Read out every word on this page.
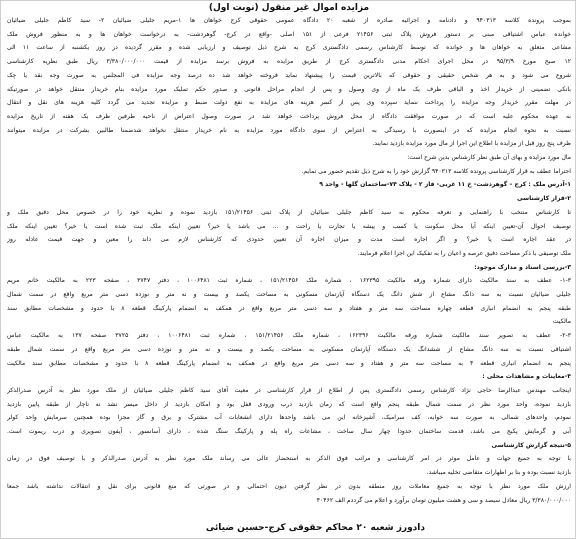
مزایده اموال غیر منقول (نوبت اول)
بموجب پرونده کلاسه ۹۴۰۳۱۳ و دادنامه و اجرائیه صادره از شعبه ۲۰ دادگاه عمومی حقوقی کرج خواهان ها ۱-مریم جلیلی ضیائیان ۲- سید کاظم جلیلی ضیائیان
خوانده عباس اشتیاقی مبنی بر دستور فروش پلاک ثبتی ۲۱۴۵۶ فرعی از ۱۵۱ اصلی -واقع در کرج- گوهردشت- به درخواست خواهان ها و به منظور فروش ملک
مشاعی متعلق به خواهان ها و خوانده که توسط کارشناس رسمی دادگستری کرج به شرح ذیل توصیف و ارزیابی شده و مقرر گردیده در روز یکشنبه از ساعت ۱۱ الی
۱۲ صبح مورخ ۹۵/۳/۹ در محل اجرای احکام مدنی دادگستری کرج از طریق مزایده به فروش برسد مزایده از قیمت ۳/۳۸۰/۰۰۰/۰۰۰ ریال طبق نظریه کارشناسی
شروع می شود و به هر شخص حقیقی و حقوقی که بالاترین قیمت را پیشنهاد نماید فروخته خواهد شد ده درصد وجه مزایده فی المجلس به صورت وجه نقد یا چک
بانکی تضمینی از خریدار اخذ و الباقی ظرف یک ماه از وی وصول و پس از انجام مراحل قانونی و صدور حکم تملیک مورد مزایده بنام خریدار منتقل خواهد در صورتیکه
در مهلت مقرر خریدار وجه مزایده را پرداخت ننماید سپرده وی پس از کسر هزینه های مزایده به نفع دولت ضبط و مزایده تجدید می گردد کلیه هزینه های نقل و انتقال
به عهده محکوم علیه است که در صورت موافقت دادگاه از محل فروش پرداخت خواهد شد در صورت وصول اعتراض از ناحیه طرفین ظرف یک هفته از تاریخ مزایده
نسبت به نحوه انجام مزایده که در اینصورت با رسیدگی به اعتراض از سوی دادگاه مورد مزایده به نام خریدار منتقل نخواهد شدضمنا طالبین بشرکت در مزایده میتوانند
ظرف پنج روز قبل از مزایده با اطلاع این اجرا از مال مورد مزایده بازدید نمایند.
مال مورد مزایده و بهای آن طبق نظر کارشناس بدین شرح است:
احتراما عطف به قرار کارشناسی پرونده کلاسه ۹۴۰۳۱۳ گزارش خود را به شرح ذیل تقدیم حضور می نمایم.
۱-آدرس ملک : کرج – گوهردشت- خ ۱۱ غربی- فاز ۲ - پلاک ۷۴-ساختمان گلها - واحد ۹
۲-قرار کارشناسی
تا کارشناس منتخب با راهنمایی و تعرفه محکوم به سید کاظم جلیلی ضیائیان از پلاک ثبتی ۱۵۱/۲۱۴۵۶ بازدید نموده و نظریه خود را در خصوص محل دقیق ملک و
توصیف احوال آن-تعیین اینکه آیا محل سکونت یا کسب و پیشه یا تجارت یا راحت و ... می باشد یا خیر؟ تعیین اینکه ملک ثبت شده است یا خیر؟ تعیین اینکه ملک
در عقد اجاره است یا خیر؟ و اگر اجاره است مدت و میزان اجاره آن تعیین حدودی که کارشناس لازم می داند را معین و جهت قیمت عادله روز
ملک توصیفی با ذکر مساحت دقیق عرصه و اعیان را به تفکیک این اجرا اعلام فرمایند.
۳-بررسی اسناد و مدارک موجود:
۱-۳- عطف به سند مالکیت دارای شماره ورقه مالکیت ۱۶۲۳۹۵ ، شماره ملک ۱۵۱/۲۱۴۵۶ ، شماره ثبت ۱۰۰۶۴۸۱ ، دفتر ۳۷۴۷ ، صفحه ۲۲۳ به مالکیت خانم مریم
جلیلی ضیائیان نسبت به سه دانگ مشاع از شش دانگ یک دستگاه آپارتمان مسکونی به مساحت یکصد و بیست و نه متر و نوزده دسی متر مربع واقع در سمت شمال
طبقه پنجم به انضمام انباری قطعه چهاره مساحت سه متر و هفتاد و سه دسی متر مربع واقع در همکف به انضمام پارکینگ قطعه ۸ با حدود و مشخصات مطابق سند
مالکیت
۲-۳- عطف به تصویر سند مالکیت شماره ورقه مالکیت ۱۶۲۳۹۶ ، شماره ملک ۱۵۱/۲۱۴۵۶ ، شماره ثبت ۱۰۰۶۴۸۱ ، دفتر ۳۷۲۵ صفحه ۱۳۷ به مالکیت عباس
اشتیاقی نسبت به سه دانگ مشاع از ششدانگ یک دستگاه آپارتمان مسکونی به مساحت یکصد و بیست و نه متر و نوزده دسی متر مربع واقع در سمت شمال طبقه
پنجم به انضمام انباری قطعه ۴ به مساحت سه متر و هفتاد و سه دسی متر مربع واقع در همکف به انضمام پارکینگ قطعه ۸ با حدود و مشخصات مطابق سند مالکیت
۴-معاینات و مشاهدات محلی :
اینجانب مهندس عبدالرضا حاجی نژاد کارشناس رسمی دادگستری پس از اطلاع از قرار کارشناسی در معیت آقای سید کاظم جلیلی ضیائیان از ملک مورد نظر به آدرس صدرالذکر
بازدید نموده، واحد مورد نظر در سمت شمال طبقه پنجم واقع است که زمان بازدید درب ورودی قفل بود و امکان بازدید از داخل میسر نشد نه ناچار از طبقه پایین بازدید
نمودم، واحدهای شمالی به صورت سه خوابه، کف سرامیک، آشپزخانه این می باشد واحدها دارای انشعابات آب مشترک و برق و گاز مجزا بوده همچنین سرمایش واحد کولر
آبی و گرمایش پکیج می باشد، قدمت ساختمان حدودا چهار سال ساخت ، مشاعات راه پله و پارکینگ سنگ شده ، دارای آسانسور ، آیفون تصویری و درب ریموت است.
۵-نتیجه گزارش کارشناسی
با توجه به جمیع جهات و عامل موثر در امر کارشناسی و مراتب فوق الذکر به استحضار عالی می رساند ملک مورد نظر به آدرس صدرالذکر و با توصیف فوق در زمان
بازدید نسبت بوده و بنا بر اظهارات متقاضی تخلیه میباشد.
ارزش ملک مورد نظر با توجه به جمیع معاملات روز منطقه بدون در نظر گرفتن دیون احتمالی و در صورتی که منع قانونی برای نقل و انتقالات نداشته باشد جمعا
۳/۳۸۰/۰۰۰/۰۰۰ ریال معادل سیصد و سی و هشت میلیون تومان برآورد و اعلام می گرددم الف ۴۰۴۶۲
دادورز شعبه ۲۰ محاکم حقوقی کرج-حسین ضیائی
